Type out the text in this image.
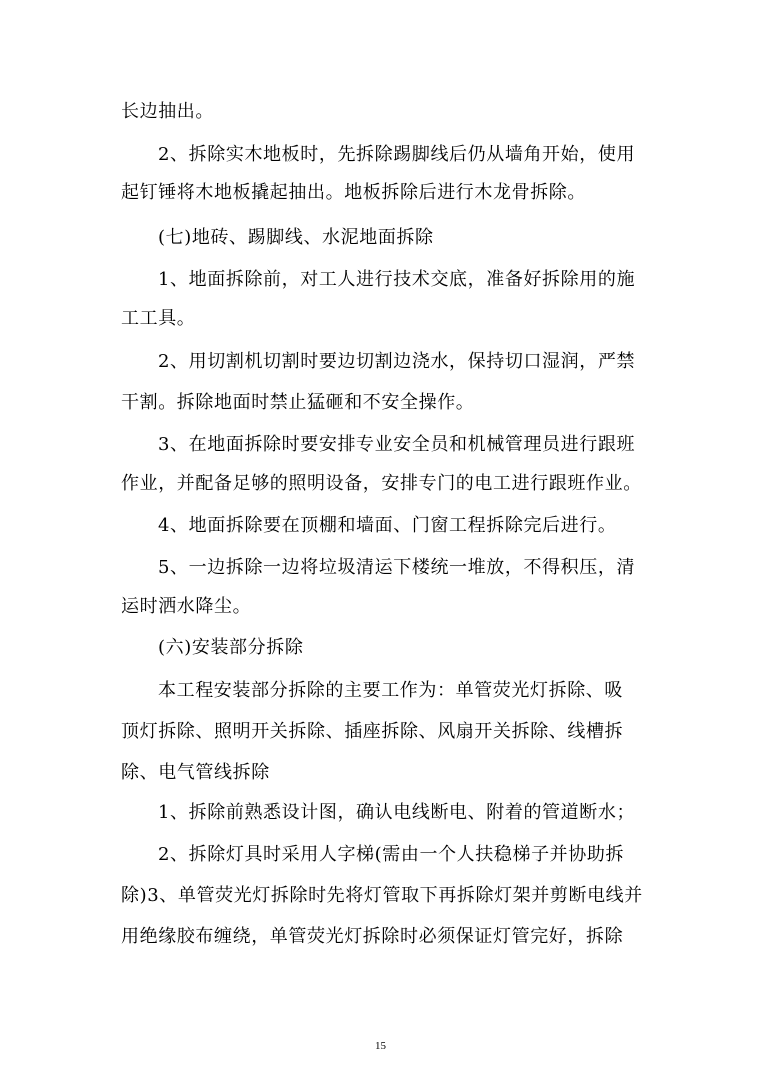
长边抽出。
2、拆除实木地板时，先拆除踢脚线后仍从墙角开始，使用
起钉锤将木地板撬起抽出。地板拆除后进行木龙骨拆除。
(七)地砖、踢脚线、水泥地面拆除
1、地面拆除前，对工人进行技术交底，准备好拆除用的施
工工具。
2、用切割机切割时要边切割边浇水，保持切口湿润，严禁
干割。拆除地面时禁止猛砸和不安全操作。
3、在地面拆除时要安排专业安全员和机械管理员进行跟班
作业，并配备足够的照明设备，安排专门的电工进行跟班作业。
4、地面拆除要在顶棚和墙面、门窗工程拆除完后进行。
5、一边拆除一边将垃圾清运下楼统一堆放，不得积压，清
运时洒水降尘。
(六)安装部分拆除
本工程安装部分拆除的主要工作为：单管荧光灯拆除、吸
顶灯拆除、照明开关拆除、插座拆除、风扇开关拆除、线槽拆
除、电气管线拆除
1、拆除前熟悉设计图，确认电线断电、附着的管道断水；
2、拆除灯具时采用人字梯(需由一个人扶稳梯子并协助拆
除)3、单管荧光灯拆除时先将灯管取下再拆除灯架并剪断电线并
用绝缘胶布缠绕，单管荧光灯拆除时必须保证灯管完好，拆除
15
